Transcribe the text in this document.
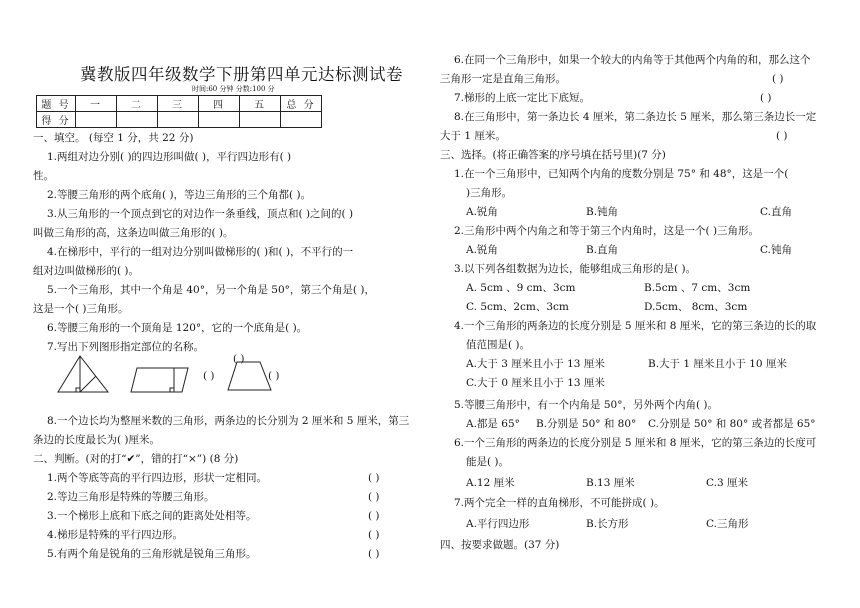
冀教版四年级数学下册第四单元达标测试卷
时间:60 分钟 分数:100 分
题 号	一	二	三	四	五	总 分
得 分						
一、填空。 (每空 1 分，共 22 分)
1.两组对边分别( )的四边形叫做( )，平行四边形有( )
性。
2.等腰三角形的两个底角( )，等边三角形的三个角都( )。
3.从三角形的一个顶点到它的对边作一条垂线，顶点和( )之间的( )
叫做三角形的高，这条边叫做三角形的( )。
4.在梯形中，平行的一组对边分别叫做梯形的( )和( )，不平行的一
组对边叫做梯形的( )。
5.一个三角形，其中一个角是 40°，另一个角是 50°，第三个角是( )，
这是一个( )三角形。
6.等腰三角形的一个顶角是 120°，它的一个底角是( )。
7.写出下列图形指定部位的名称。
( )
( )	( )
8.一个边长均为整厘米数的三角形，两条边的长分别为 2 厘米和 5 厘米，第三
条边的长度最长为( )厘米。
二、判断。(对的打“✔”，错的打“×”) (8 分)
1.两个等底等高的平行四边形，形状一定相同。	( )
2.等边三角形是特殊的等腰三角形。	( )
3.一个梯形上底和下底之间的距离处处相等。	( )
4.梯形是特殊的平行四边形。	( )
5.有两个角是锐角的三角形就是锐角三角形。	( )
6.在同一个三角形中，如果一个较大的内角等于其他两个内角的和，那么这个
三角形一定是直角三角形。	( )
7.梯形的上底一定比下底短。	( )
8.在三角形中，第一条边长 4 厘米，第二条边长 5 厘米，那么第三条边长一定
大于 1 厘米。	( )
三、选择。(将正确答案的序号填在括号里)(7 分)
1.在一个三角形中，已知两个内角的度数分别是 75° 和 48°，这是一个(
)三角形。
A.锐角	B.钝角	C.直角
2.三角形中两个内角之和等于第三个内角时，这是一个( )三角形。
A.锐角	B.直角	C.钝角
3.以下列各组数据为边长，能够组成三角形的是( )。
A. 5cm 、9 cm、3cm	B.5cm 、7 cm、3cm
C. 5cm、2cm、3cm	D.5cm、 8cm、3cm
4.一个三角形的两条边的长度分别是 5 厘米和 8 厘米，它的第三条边的长的取
值范围是( )。
A.大于 3 厘米且小于 13 厘米	B.大于 1 厘米且小于 10 厘米
C.大于 0 厘米且小于 13 厘米
5.等腰三角形中，有一个内角是 50°，另外两个内角( )。
A.都是 65° B.分别是 50° 和 80° C.分别是 50° 和 80° 或者都是 65°
6.一个三角形的两条边的长度分别是 5 厘米和 8 厘米，它的第三条边的长度可
能是( )。
A.12 厘米	B.13 厘米	C.3 厘米
7.两个完全一样的直角梯形，不可能拼成( )。
A.平行四边形	B.长方形	C.三角形
四、按要求做题。(37 分)
